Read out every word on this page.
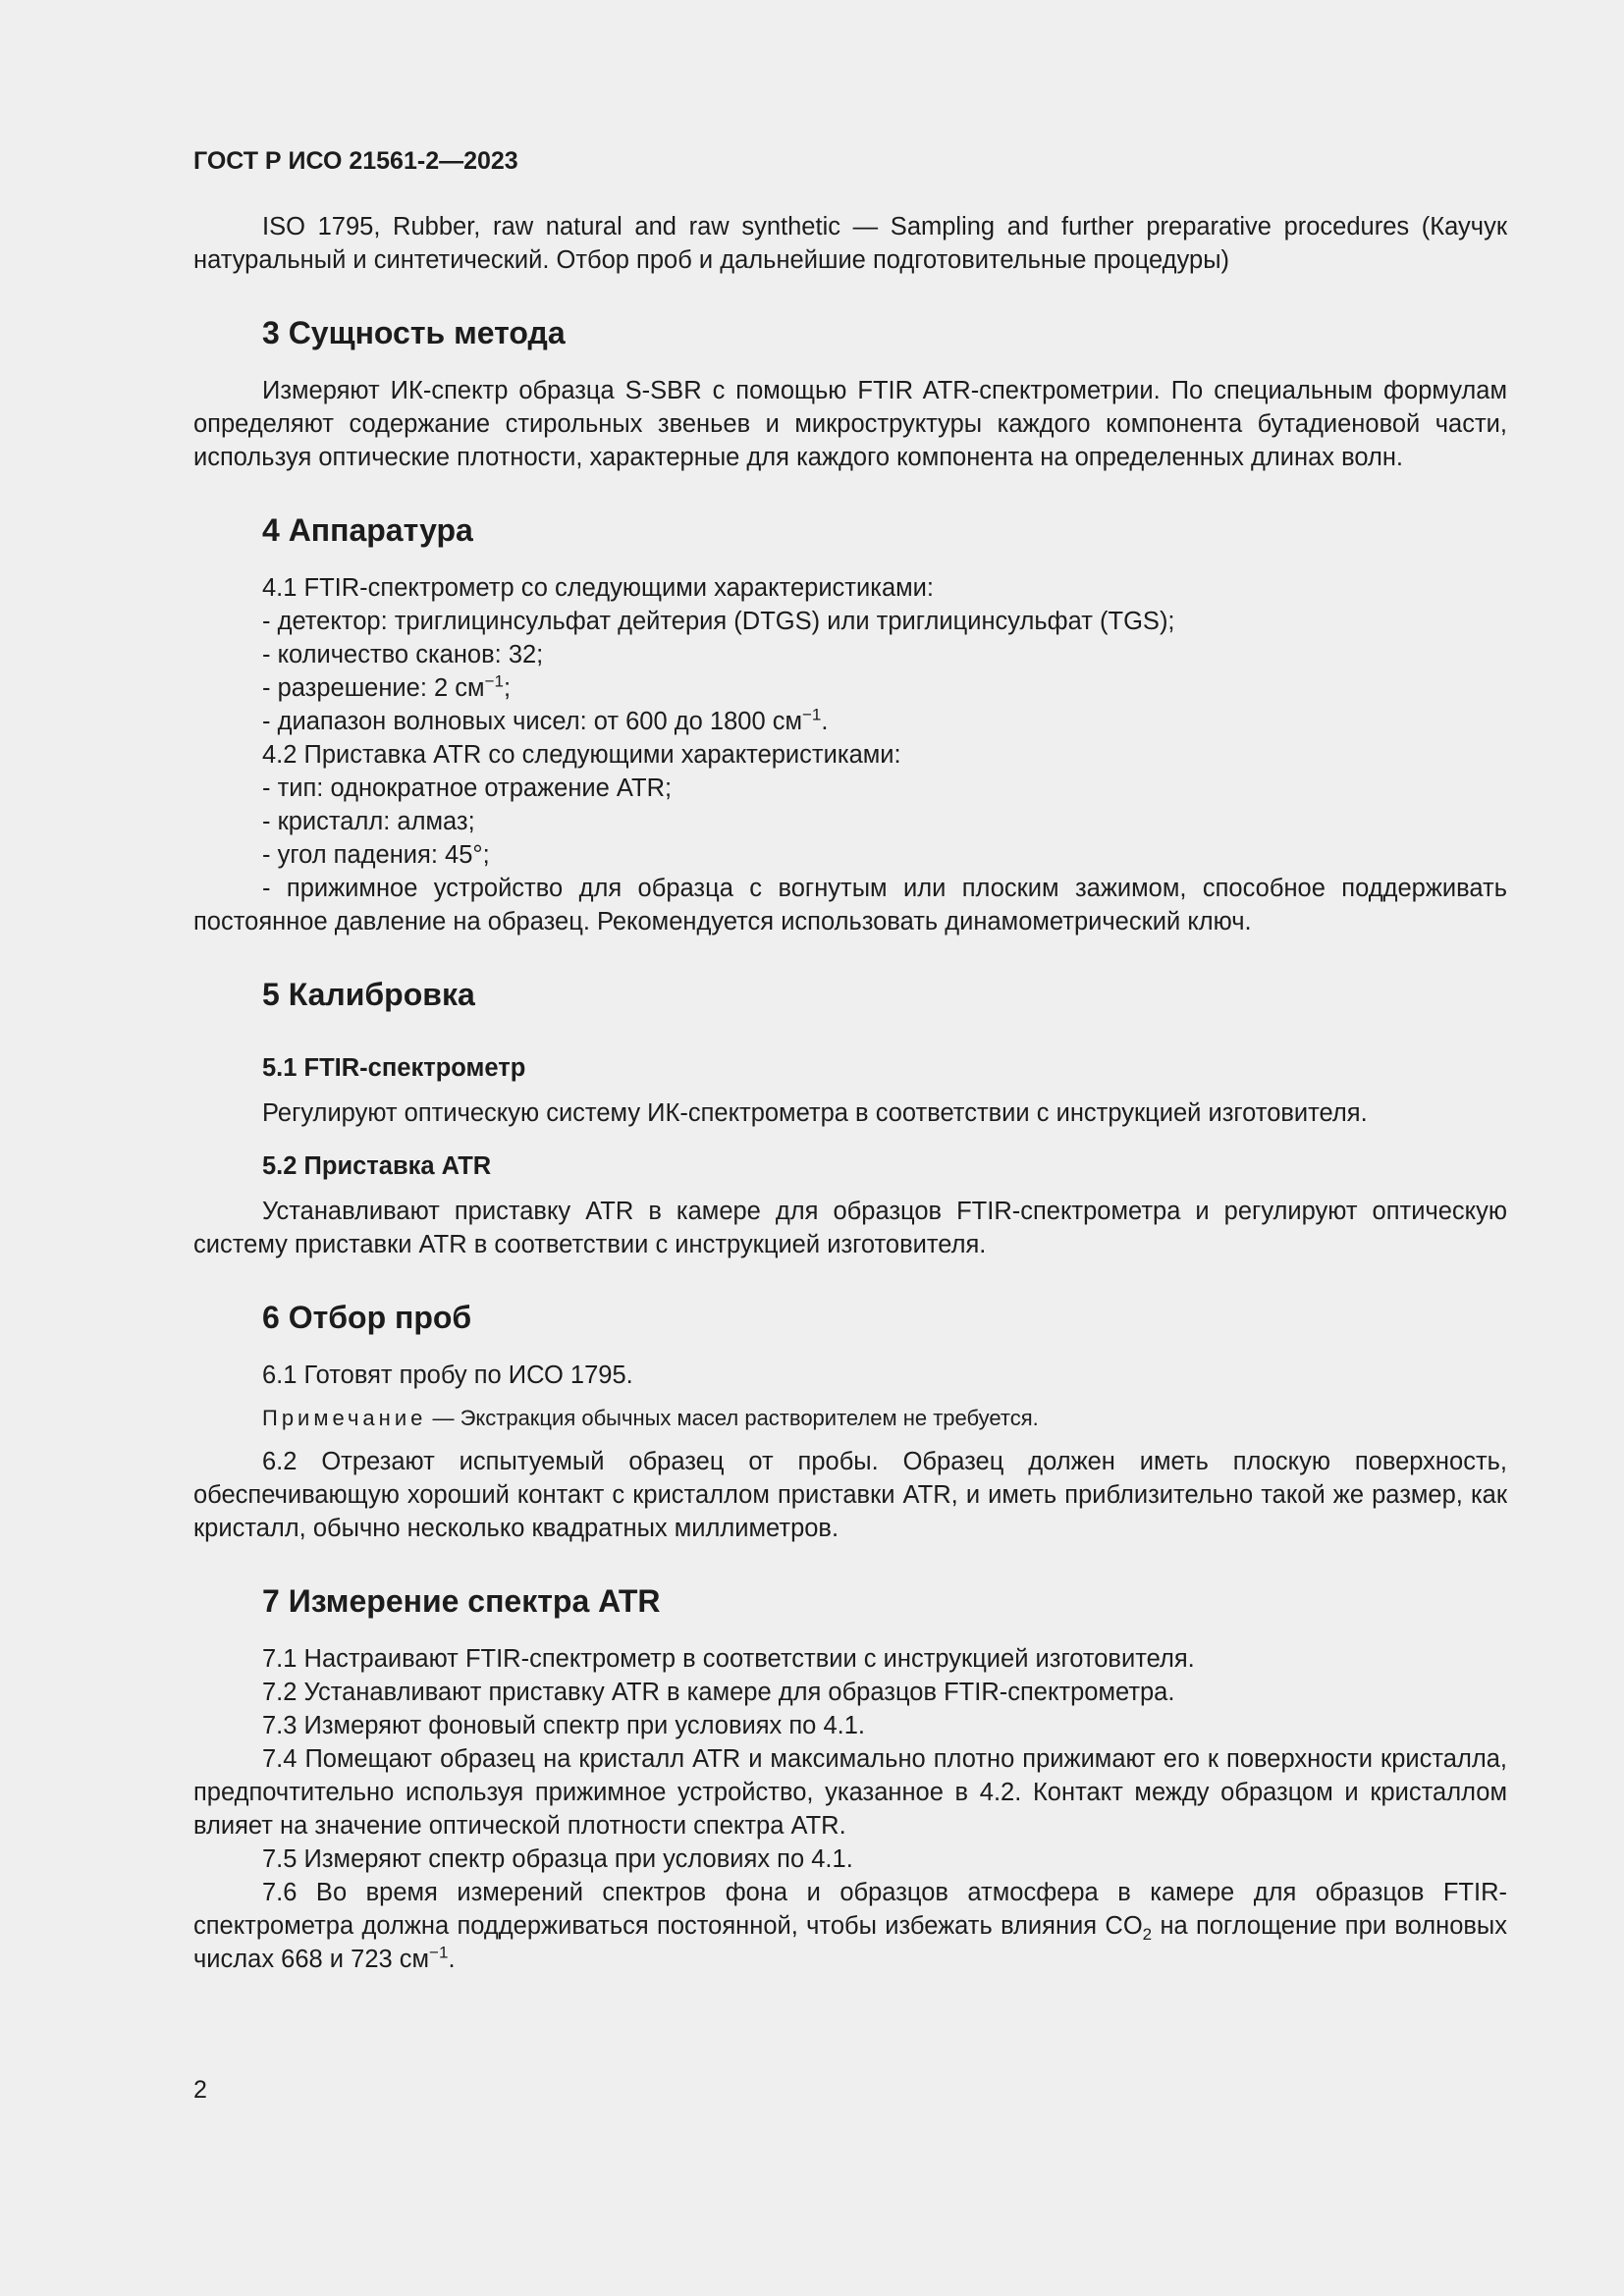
ГОСТ Р ИСО 21561-2—2023

ISO 1795, Rubber, raw natural and raw synthetic — Sampling and further preparative procedures (Каучук натуральный и синтетический. Отбор проб и дальнейшие подготовительные процедуры)

3 Сущность метода

Измеряют ИК-спектр образца S-SBR с помощью FTIR ATR-спектрометрии. По специальным формулам определяют содержание стирольных звеньев и микроструктуры каждого компонента бутадиеновой части, используя оптические плотности, характерные для каждого компонента на определенных длинах волн.

4 Аппаратура

4.1 FTIR-спектрометр со следующими характеристиками:

- детектор: триглицинсульфат дейтерия (DTGS) или триглицинсульфат (TGS);

- количество сканов: 32;

- разрешение: 2 $см^{-1}$;

- диапазон волновых чисел: от 600 до 1800 $см^{-1}$.

4.2 Приставка ATR со следующими характеристиками:

- тип: однократное отражение ATR;

- кристалл: алмаз;

- угол падения: 45°;

- прижимное устройство для образца с вогнутым или плоским зажимом, способное поддерживать постоянное давление на образец. Рекомендуется использовать динамометрический ключ.

5 Калибровка
5.1 FTIR-спектрометр

Регулируют оптическую систему ИК-спектрометра в соответствии с инструкцией изготовителя.

5.2 Приставка ATR

Устанавливают приставку ATR в камере для образцов FTIR-спектрометра и регулируют оптическую систему приставки ATR в соответствии с инструкцией изготовителя.

6 Отбор проб

6.1 Готовят пробу по ИСО 1795.

Примечание — Экстракция обычных масел растворителем не требуется.

6.2 Отрезают испытуемый образец от пробы. Образец должен иметь плоскую поверхность, обеспечивающую хороший контакт с кристаллом приставки ATR, и иметь приблизительно такой же размер, как кристалл, обычно несколько квадратных миллиметров.

7 Измерение спектра ATR

7.1 Настраивают FTIR-спектрометр в соответствии с инструкцией изготовителя.

7.2 Устанавливают приставку ATR в камере для образцов FTIR-спектрометра.

7.3 Измеряют фоновый спектр при условиях по 4.1.

7.4 Помещают образец на кристалл ATR и максимально плотно прижимают его к поверхности кристалла, предпочтительно используя прижимное устройство, указанное в 4.2. Контакт между образцом и кристаллом влияет на значение оптической плотности спектра ATR.

7.5 Измеряют спектр образца при условиях по 4.1.

7.6 Во время измерений спектров фона и образцов атмосфера в камере для образцов FTIR-спектрометра должна поддерживаться постоянной, чтобы избежать влияния $CO_2$ на поглощение при волновых числах 668 и 723 $см^{-1}$.

2
